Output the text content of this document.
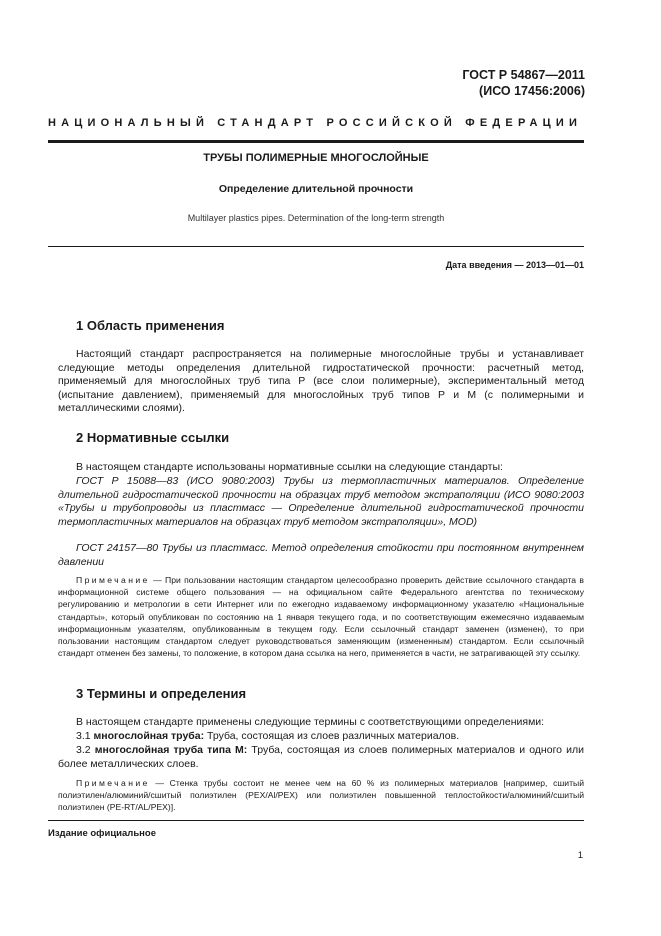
ГОСТ Р 54867—2011
(ИСО 17456:2006)
НАЦИОНАЛЬНЫЙ СТАНДАРТ РОССИЙСКОЙ ФЕДЕРАЦИИ
ТРУБЫ ПОЛИМЕРНЫЕ МНОГОСЛОЙНЫЕ
Определение длительной прочности
Multilayer plastics pipes. Determination of the long-term strength
Дата введения — 2013—01—01
1 Область применения
Настоящий стандарт распространяется на полимерные многослойные трубы и устанавливает следующие методы определения длительной гидростатической прочности: расчетный метод, применяемый для многослойных труб типа Р (все слои полимерные), экспериментальный метод (испытание давлением), применяемый для многослойных труб типов Р и М (с полимерными и металлическими слоями).
2 Нормативные ссылки
В настоящем стандарте использованы нормативные ссылки на следующие стандарты:
ГОСТ Р 15088—83 (ИСО 9080:2003) Трубы из термопластичных материалов. Определение длительной гидростатической прочности на образцах труб методом экстраполяции (ИСО 9080:2003 «Трубы и трубопроводы из пластмасс — Определение длительной гидростатической прочности термопластичных материалов на образцах труб методом экстраполяции», MOD)
ГОСТ 24157—80 Трубы из пластмасс. Метод определения стойкости при постоянном внутреннем давлении
Примечание — При пользовании настоящим стандартом целесообразно проверить действие ссылочного стандарта в информационной системе общего пользования — на официальном сайте Федерального агентства по техническому регулированию и метрологии в сети Интернет или по ежегодно издаваемому информационному указателю «Национальные стандарты», который опубликован по состоянию на 1 января текущего года, и по соответствующим ежемесячно издаваемым информационным указателям, опубликованным в текущем году. Если ссылочный стандарт заменен (изменен), то при пользовании настоящим стандартом следует руководствоваться заменяющим (измененным) стандартом. Если ссылочный стандарт отменен без замены, то положение, в котором дана ссылка на него, применяется в части, не затрагивающей эту ссылку.
3 Термины и определения
В настоящем стандарте применены следующие термины с соответствующими определениями:
3.1 многослойная труба: Труба, состоящая из слоев различных материалов.
3.2 многослойная труба типа М: Труба, состоящая из слоев полимерных материалов и одного или более металлических слоев.
Примечание — Стенка трубы состоит не менее чем на 60 % из полимерных материалов [например, сшитый полиэтилен/алюминий/сшитый полиэтилен (PEX/Al/PEX) или полиэтилен повышенной теплостойкости/алюминий/сшитый полиэтилен (PE-RT/AL/PEX)].
Издание официальное
1
